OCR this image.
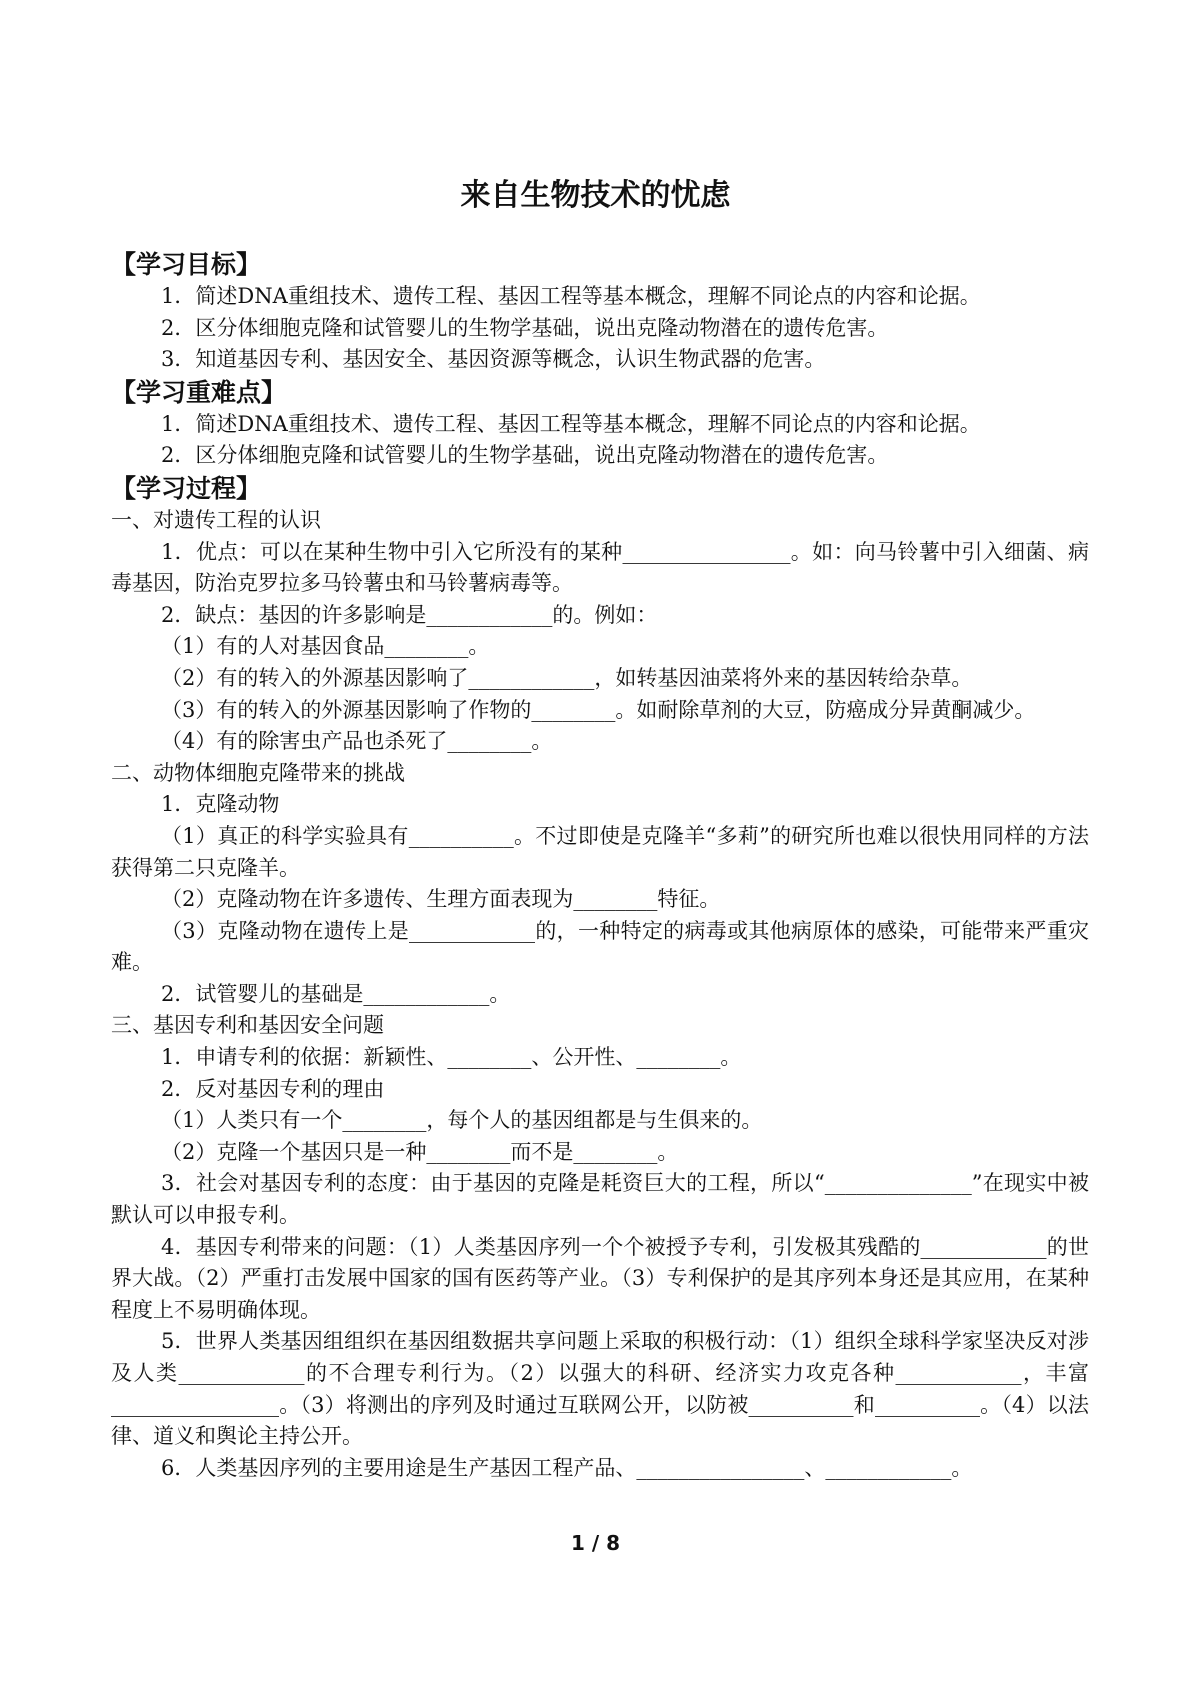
来自生物技术的忧虑

【学习目标】

1．简述DNA重组技术、遗传工程、基因工程等基本概念，理解不同论点的内容和论据。

2．区分体细胞克隆和试管婴儿的生物学基础，说出克隆动物潜在的遗传危害。

3．知道基因专利、基因安全、基因资源等概念，认识生物武器的危害。

【学习重难点】

1．简述DNA重组技术、遗传工程、基因工程等基本概念，理解不同论点的内容和论据。

2．区分体细胞克隆和试管婴儿的生物学基础，说出克隆动物潜在的遗传危害。

【学习过程】

一、对遗传工程的认识

1．优点：可以在某种生物中引入它所没有的某种________________。如：向马铃薯中引入细菌、病毒基因，防治克罗拉多马铃薯虫和马铃薯病毒等。

2．缺点：基因的许多影响是____________的。例如：

（1）有的人对基因食品________。

（2）有的转入的外源基因影响了____________，如转基因油菜将外来的基因转给杂草。

（3）有的转入的外源基因影响了作物的________。如耐除草剂的大豆，防癌成分异黄酮减少。

（4）有的除害虫产品也杀死了________。

二、动物体细胞克隆带来的挑战

1．克隆动物

（1）真正的科学实验具有__________。不过即使是克隆羊“多莉”的研究所也难以很快用同样的方法获得第二只克隆羊。

（2）克隆动物在许多遗传、生理方面表现为________特征。

（3）克隆动物在遗传上是____________的，一种特定的病毒或其他病原体的感染，可能带来严重灾难。

2．试管婴儿的基础是____________。

三、基因专利和基因安全问题

1．申请专利的依据：新颖性、________、公开性、________。

2．反对基因专利的理由

（1）人类只有一个________，每个人的基因组都是与生俱来的。

（2）克隆一个基因只是一种________而不是________。

3．社会对基因专利的态度：由于基因的克隆是耗资巨大的工程，所以“______________”在现实中被默认可以申报专利。

4．基因专利带来的问题：（1）人类基因序列一个个被授予专利，引发极其残酷的____________的世界大战。（2）严重打击发展中国家的国有医药等产业。（3）专利保护的是其序列本身还是其应用，在某种程度上不易明确体现。

5．世界人类基因组组织在基因组数据共享问题上采取的积极行动：（1）组织全球科学家坚决反对涉及人类____________的不合理专利行为。（2）以强大的科研、经济实力攻克各种____________，丰富________________。（3）将测出的序列及时通过互联网公开，以防被__________和__________。（4）以法律、道义和舆论主持公开。

6．人类基因序列的主要用途是生产基因工程产品、________________、____________。

1 / 8
